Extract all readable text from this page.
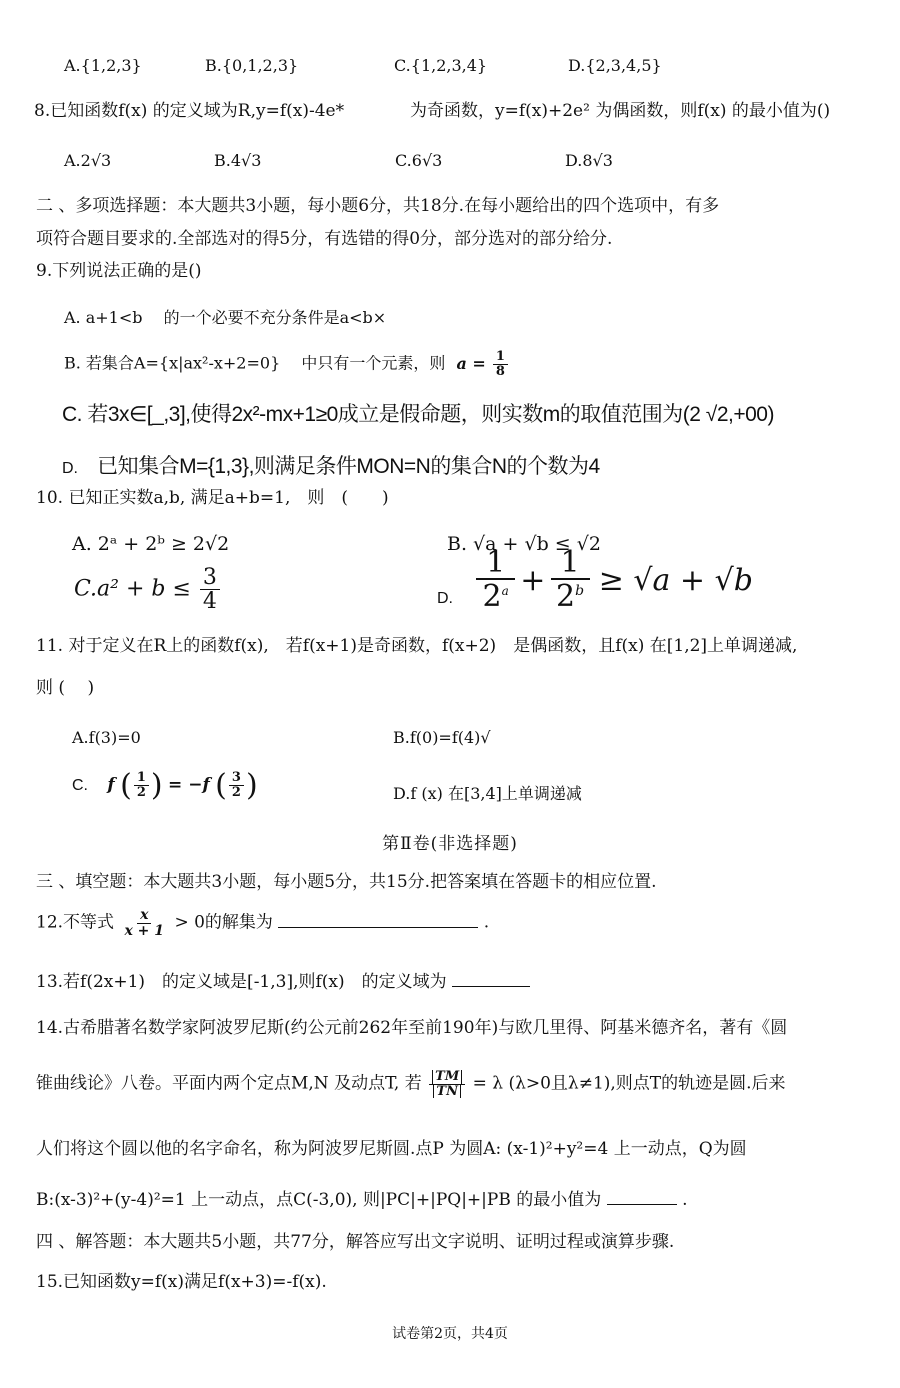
A.{1,2,3}	B.{0,1,2,3}	C.{1,2,3,4}	D.{2,3,4,5}
8.已知函数f(x) 的定义域为R,y=f(x)-4e*	为奇函数，y=f(x)+2e² 为偶函数，则f(x) 的最小值为()
A.2√3	B.4√3	C.6√3	D.8√3
二 、多项选择题：本大题共3小题，每小题6分，共18分.在每小题给出的四个选项中，有多
项符合题目要求的.全部选对的得5分，有选错的得0分，部分选对的部分给分.
9.下列说法正确的是()
A. a+1<b　 的一个必要不充分条件是a<b×
B. 若集合A={x|ax²-x+2=0}　 中只有一个元素，则 $a = \frac{1}{8}$
C. 若3x∈[_,3],使得2x²-mx+1≥0成立是假命题，则实数m的取值范围为(2 √2,+00)
D. 已知集合M={1,3},则满足条件MON=N的集合N的个数为4
10. 已知正实数a,b, 满足a+b=1,　则　(　　)
A. 2ᵃ + 2ᵇ ≥ 2√2	B. √a + √b ≤ √2
$C.a^2 + b \le \frac{3}{4}$	D. $\frac{1}{2^a} + \frac{1}{2^b} \ge √a + √b$
11. 对于定义在R上的函数f(x),　若f(x+1)是奇函数，f(x+2)　是偶函数，且f(x) 在[1,2]上单调递减,
则 (　 )
A.f(3)=0	B.f(0)=f(4)√
C. f ( $\frac{1}{2}$ ) = −f ( $\frac{3}{2}$ )	D.f (x) 在[3,4]上单调递减
第Ⅱ卷(非选择题)
三 、填空题：本大题共3小题，每小题5分，共15分.把答案填在答题卡的相应位置.
12.不等式 $\frac{x}{x + 1} > 0$的解集为	.
13.若f(2x+1)　的定义域是[-1,3],则f(x)　的定义域为
14.古希腊著名数学家阿波罗尼斯(约公元前262年至前190年)与欧几里得、阿基米德齐名，著有《圆
锥曲线论》八卷。平面内两个定点M,N 及动点T, 若 $\frac{TM}{TN} = \lambda$ (λ>0且λ≠1),则点T的轨迹是圆.后来
人们将这个圆以他的名字命名，称为阿波罗尼斯圆.点P 为圆A: (x-1)²+y²=4 上一动点，Q为圆
B:(x-3)²+(y-4)²=1 上一动点，点C(-3,0), 则|PC|+|PQ|+|PB 的最小值为	.
四 、解答题：本大题共5小题，共77分，解答应写出文字说明、证明过程或演算步骤.
15.已知函数y=f(x)满足f(x+3)=-f(x).
试卷第2页，共4页
